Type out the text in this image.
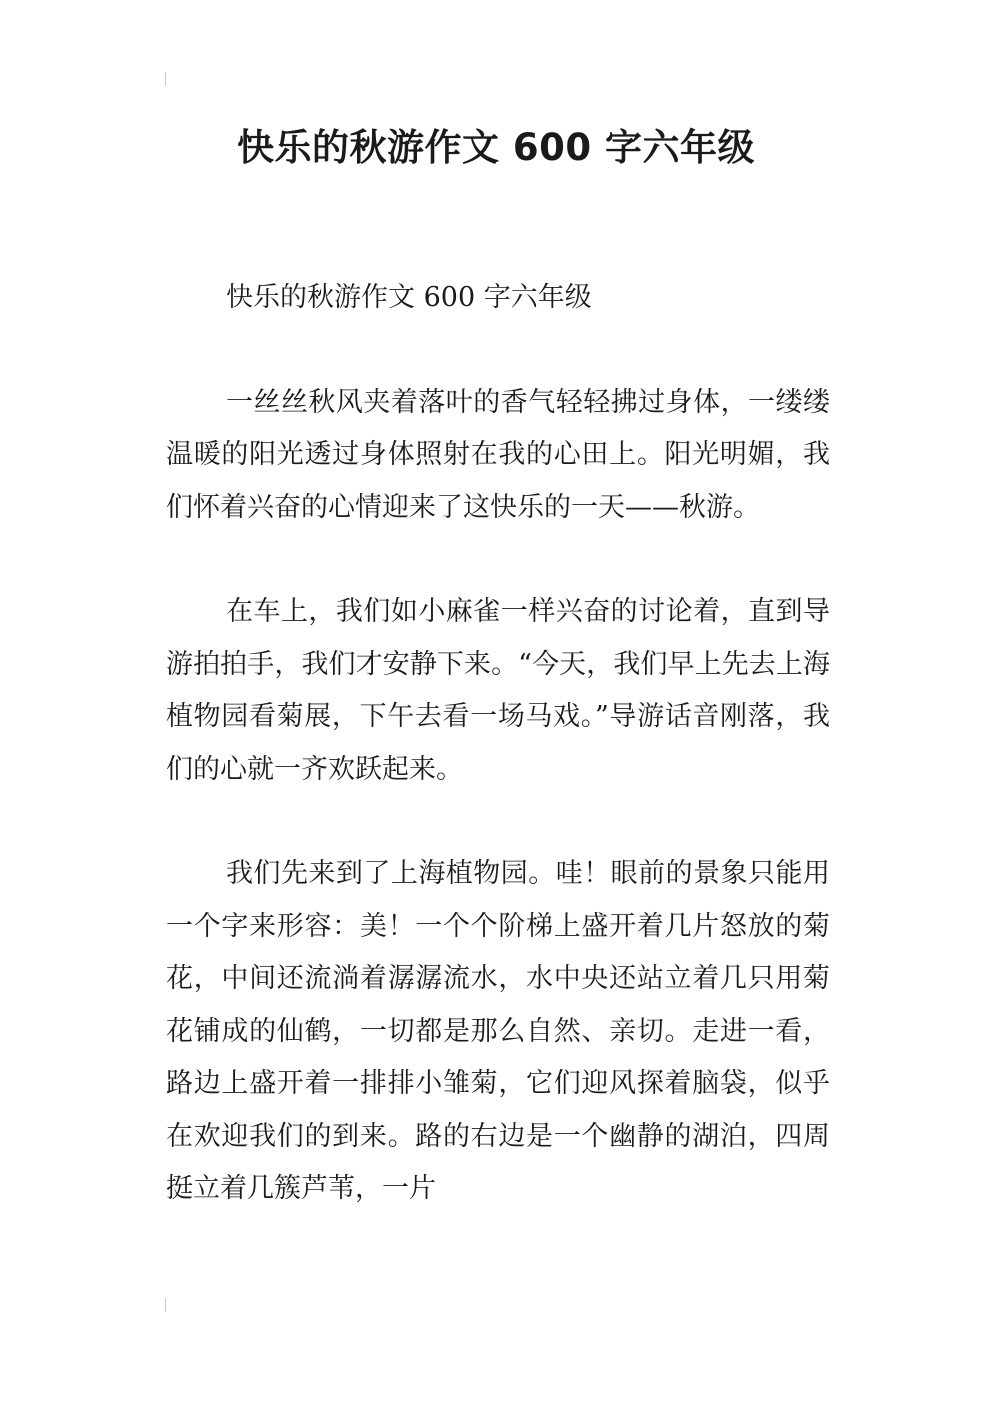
快乐的秋游作文 600 字六年级

快乐的秋游作文 600 字六年级

一丝丝秋风夹着落叶的香气轻轻拂过身体，一缕缕温暖的阳光透过身体照射在我的心田上。阳光明媚，我们怀着兴奋的心情迎来了这快乐的一天——秋游。

在车上，我们如小麻雀一样兴奋的讨论着，直到导游拍拍手，我们才安静下来。“今天，我们早上先去上海植物园看菊展，下午去看一场马戏。”导游话音刚落，我们的心就一齐欢跃起来。

我们先来到了上海植物园。哇！眼前的景象只能用一个字来形容：美！一个个阶梯上盛开着几片怒放的菊花，中间还流淌着潺潺流水，水中央还站立着几只用菊花铺成的仙鹤，一切都是那么自然、亲切。走进一看，路边上盛开着一排排小雏菊，它们迎风探着脑袋，似乎在欢迎我们的到来。路的右边是一个幽静的湖泊，四周挺立着几簇芦苇，一片
